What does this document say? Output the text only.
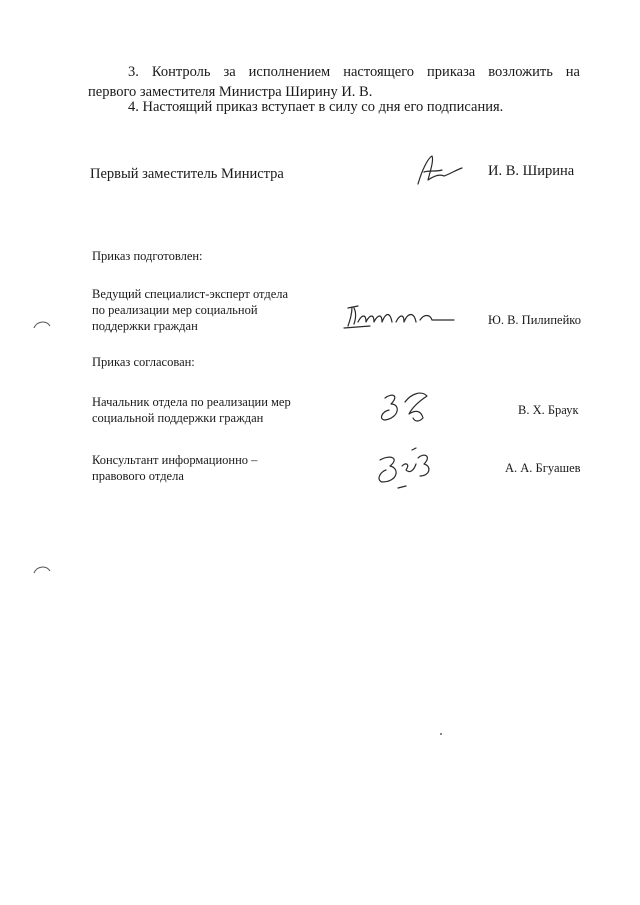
3. Контроль за исполнением настоящего приказа возложить на
первого заместителя Министра Ширину И. В.
4. Настоящий приказ вступает в силу со дня его подписания.
Первый заместитель Министра	И. В. Ширина
Приказ подготовлен:
Ведущий специалист-эксперт отдела
по реализации мер социальной
поддержки граждан	Ю. В. Пилипейко
Приказ согласован:
Начальник отдела по реализации мер
социальной поддержки граждан
В. Х. Браук
Консультант информационно –
правового отдела
А. А. Бгуашев
